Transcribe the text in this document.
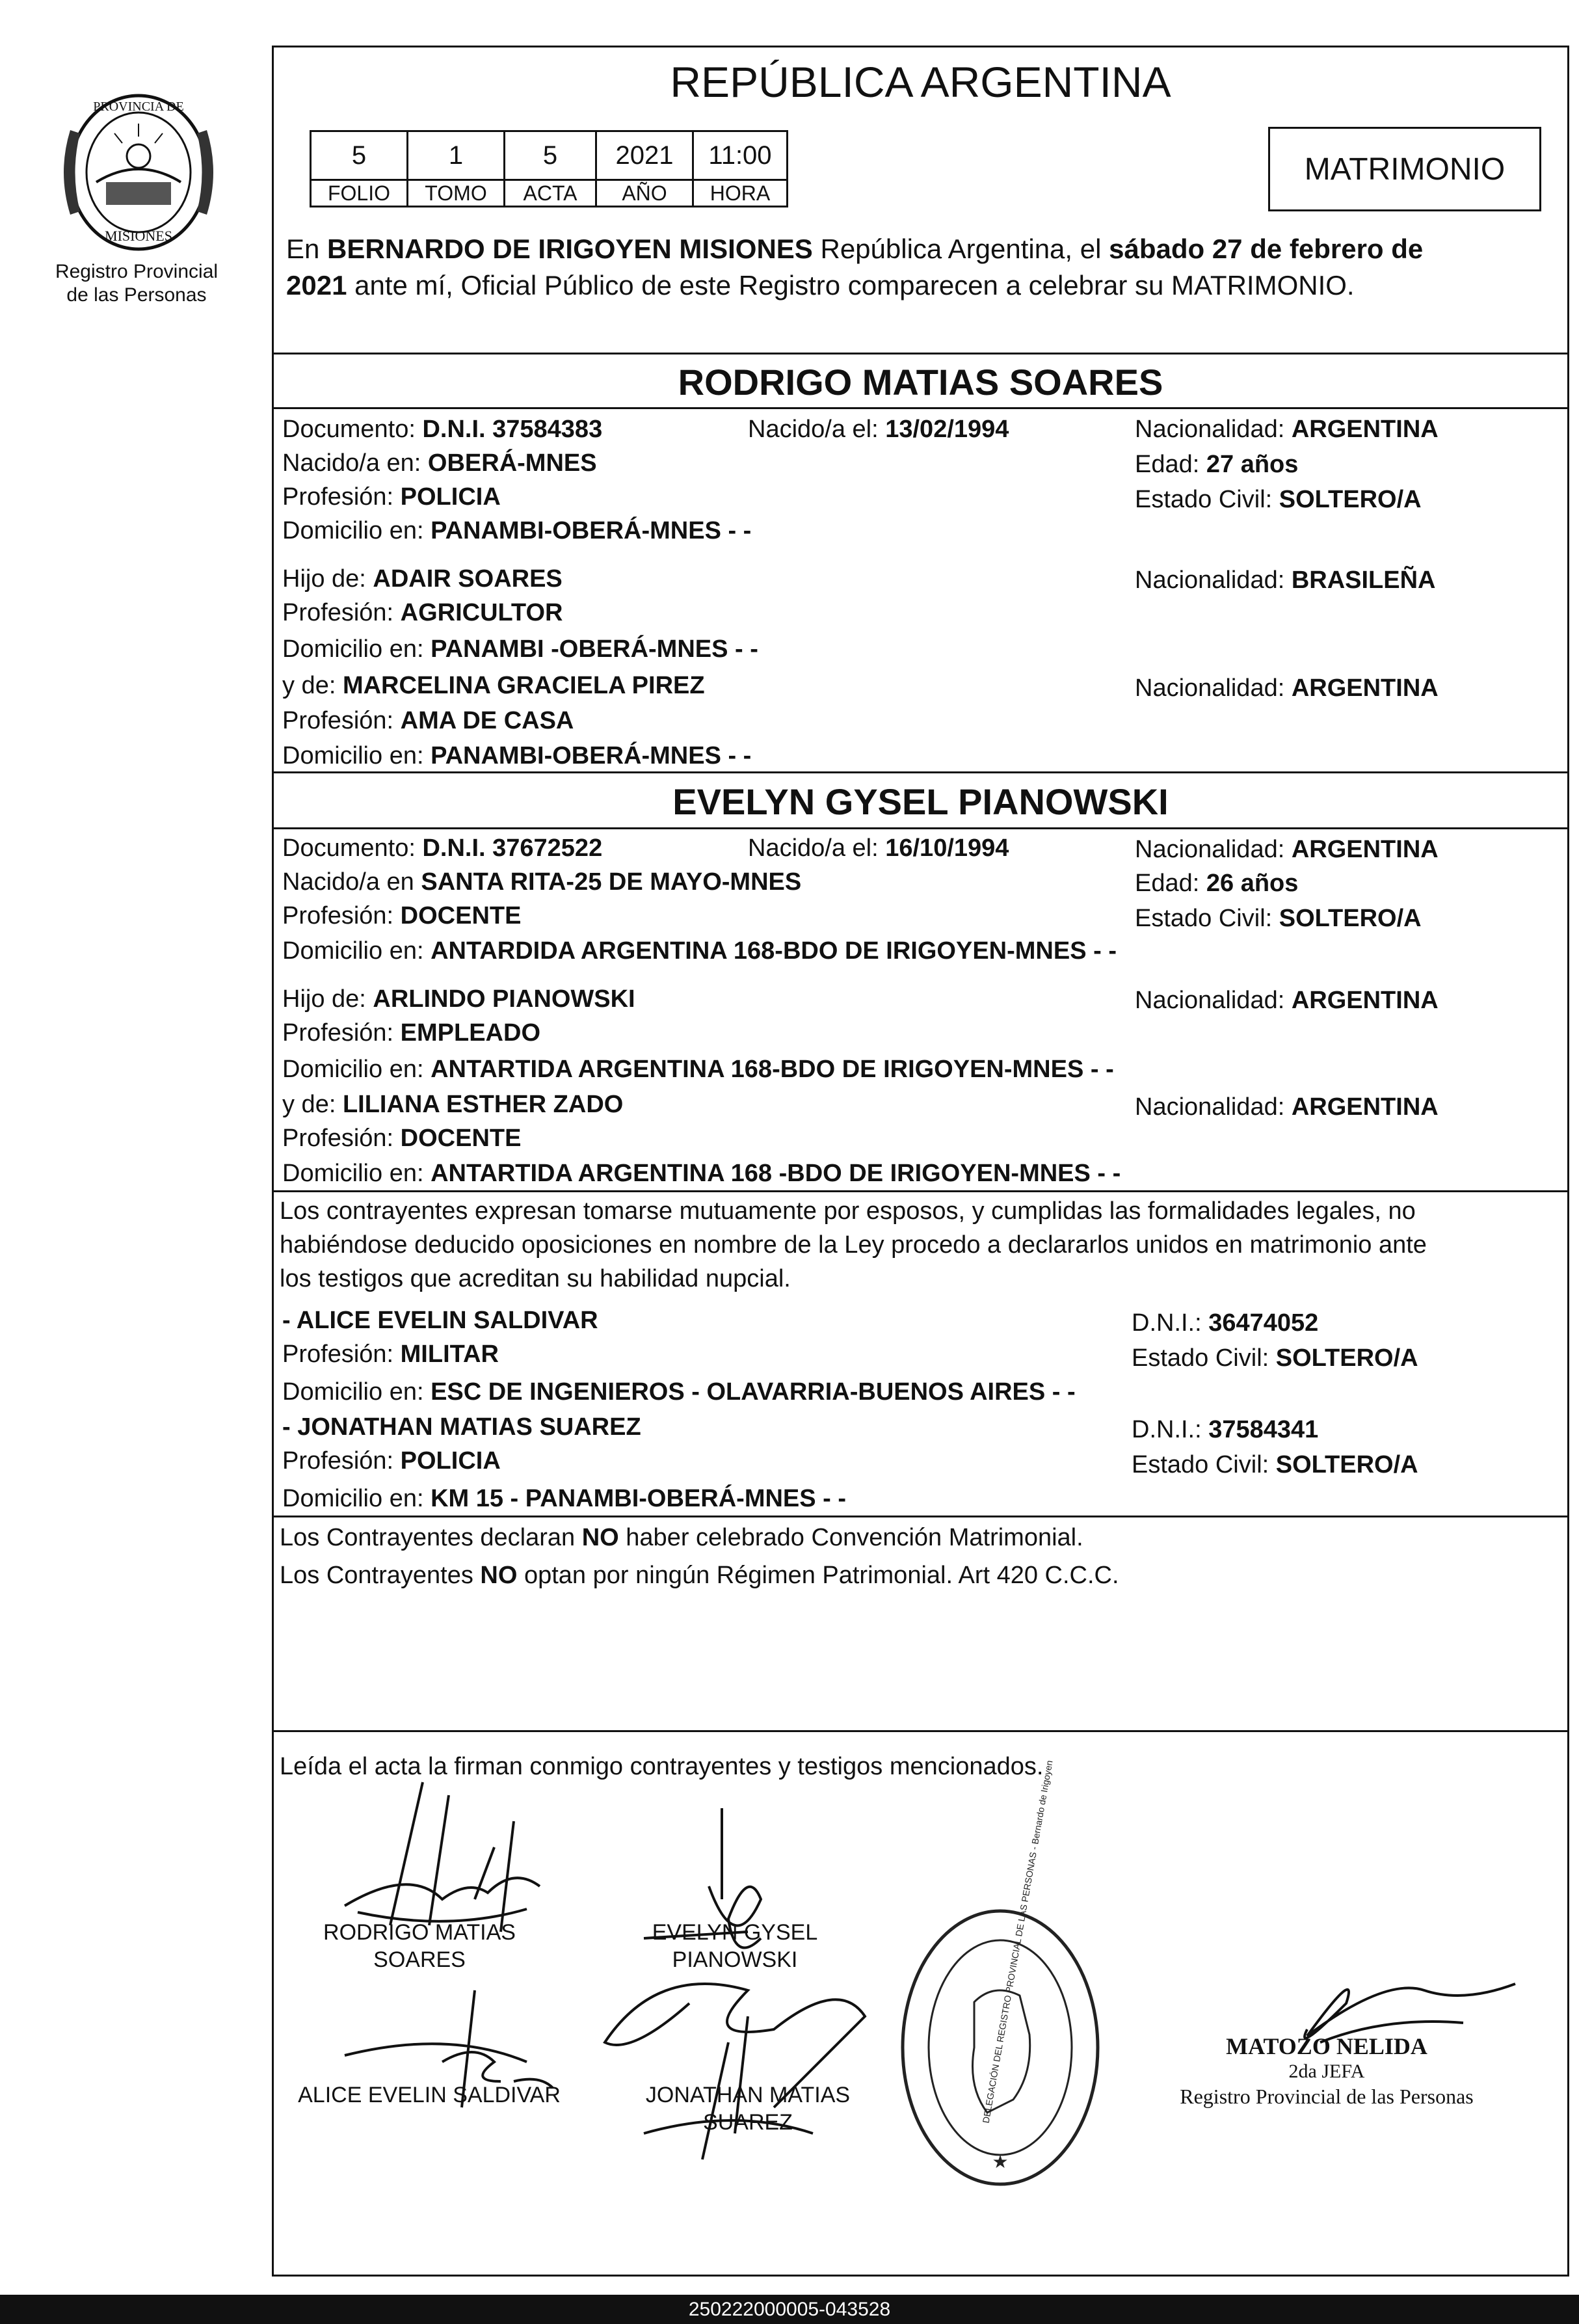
PROVINCIA DE
MISIONES
Registro Provincial
de las Personas
REPÚBLICA ARGENTINA
5	1	5	2021	11:00
FOLIO	TOMO	ACTA	AÑO	HORA
MATRIMONIO
En BERNARDO DE IRIGOYEN MISIONES República Argentina, el sábado 27 de febrero de
2021 ante mí, Oficial Público de este Registro comparecen a celebrar su MATRIMONIO.
RODRIGO MATIAS SOARES
Documento: D.N.I. 37584383	Nacido/a el: 13/02/1994	Nacionalidad: ARGENTINA
Nacido/a en: OBERÁ-MNES	Edad: 27 años
Profesión: POLICIA	Estado Civil: SOLTERO/A
Domicilio en: PANAMBI-OBERÁ-MNES - -
Hijo de: ADAIR SOARES	Nacionalidad: BRASILEÑA
Profesión: AGRICULTOR
Domicilio en: PANAMBI -OBERÁ-MNES - -
y de: MARCELINA GRACIELA PIREZ	Nacionalidad: ARGENTINA
Profesión: AMA DE CASA
Domicilio en: PANAMBI-OBERÁ-MNES - -
EVELYN GYSEL PIANOWSKI
Documento: D.N.I. 37672522	Nacido/a el: 16/10/1994	Nacionalidad: ARGENTINA
Nacido/a en SANTA RITA-25 DE MAYO-MNES	Edad: 26 años
Profesión: DOCENTE	Estado Civil: SOLTERO/A
Domicilio en: ANTARDIDA ARGENTINA 168-BDO DE IRIGOYEN-MNES - -
Hijo de: ARLINDO PIANOWSKI	Nacionalidad: ARGENTINA
Profesión: EMPLEADO
Domicilio en: ANTARTIDA ARGENTINA 168-BDO DE IRIGOYEN-MNES - -
y de: LILIANA ESTHER ZADO	Nacionalidad: ARGENTINA
Profesión: DOCENTE
Domicilio en: ANTARTIDA ARGENTINA 168 -BDO DE IRIGOYEN-MNES - -
Los contrayentes expresan tomarse mutuamente por esposos, y cumplidas las formalidades legales, no
habiéndose deducido oposiciones en nombre de la Ley procedo a declararlos unidos en matrimonio ante
los testigos que acreditan su habilidad nupcial.
- ALICE EVELIN SALDIVAR	D.N.I.: 36474052
Profesión: MILITAR	Estado Civil: SOLTERO/A
Domicilio en: ESC DE INGENIEROS - OLAVARRIA-BUENOS AIRES - -
- JONATHAN MATIAS SUAREZ	D.N.I.: 37584341
Profesión: POLICIA	Estado Civil: SOLTERO/A
Domicilio en: KM 15 - PANAMBI-OBERÁ-MNES - -
Los Contrayentes declaran NO haber celebrado Convención Matrimonial.
Los Contrayentes NO optan por ningún Régimen Patrimonial. Art 420 C.C.C.
Leída el acta la firman conmigo contrayentes y testigos mencionados.
RODRIGO MATIAS
SOARES
EVELYN GYSEL
PIANOWSKI
ALICE EVELIN SALDIVAR	JONATHAN MATIAS
SUAREZ
★
DELEGACIÓN DEL REGISTRO PROVINCIAL DE LAS PERSONAS - Bernardo de Irigoyen	MATOZO NELIDA
2da JEFA
Registro Provincial de las Personas
250222000005-043528
